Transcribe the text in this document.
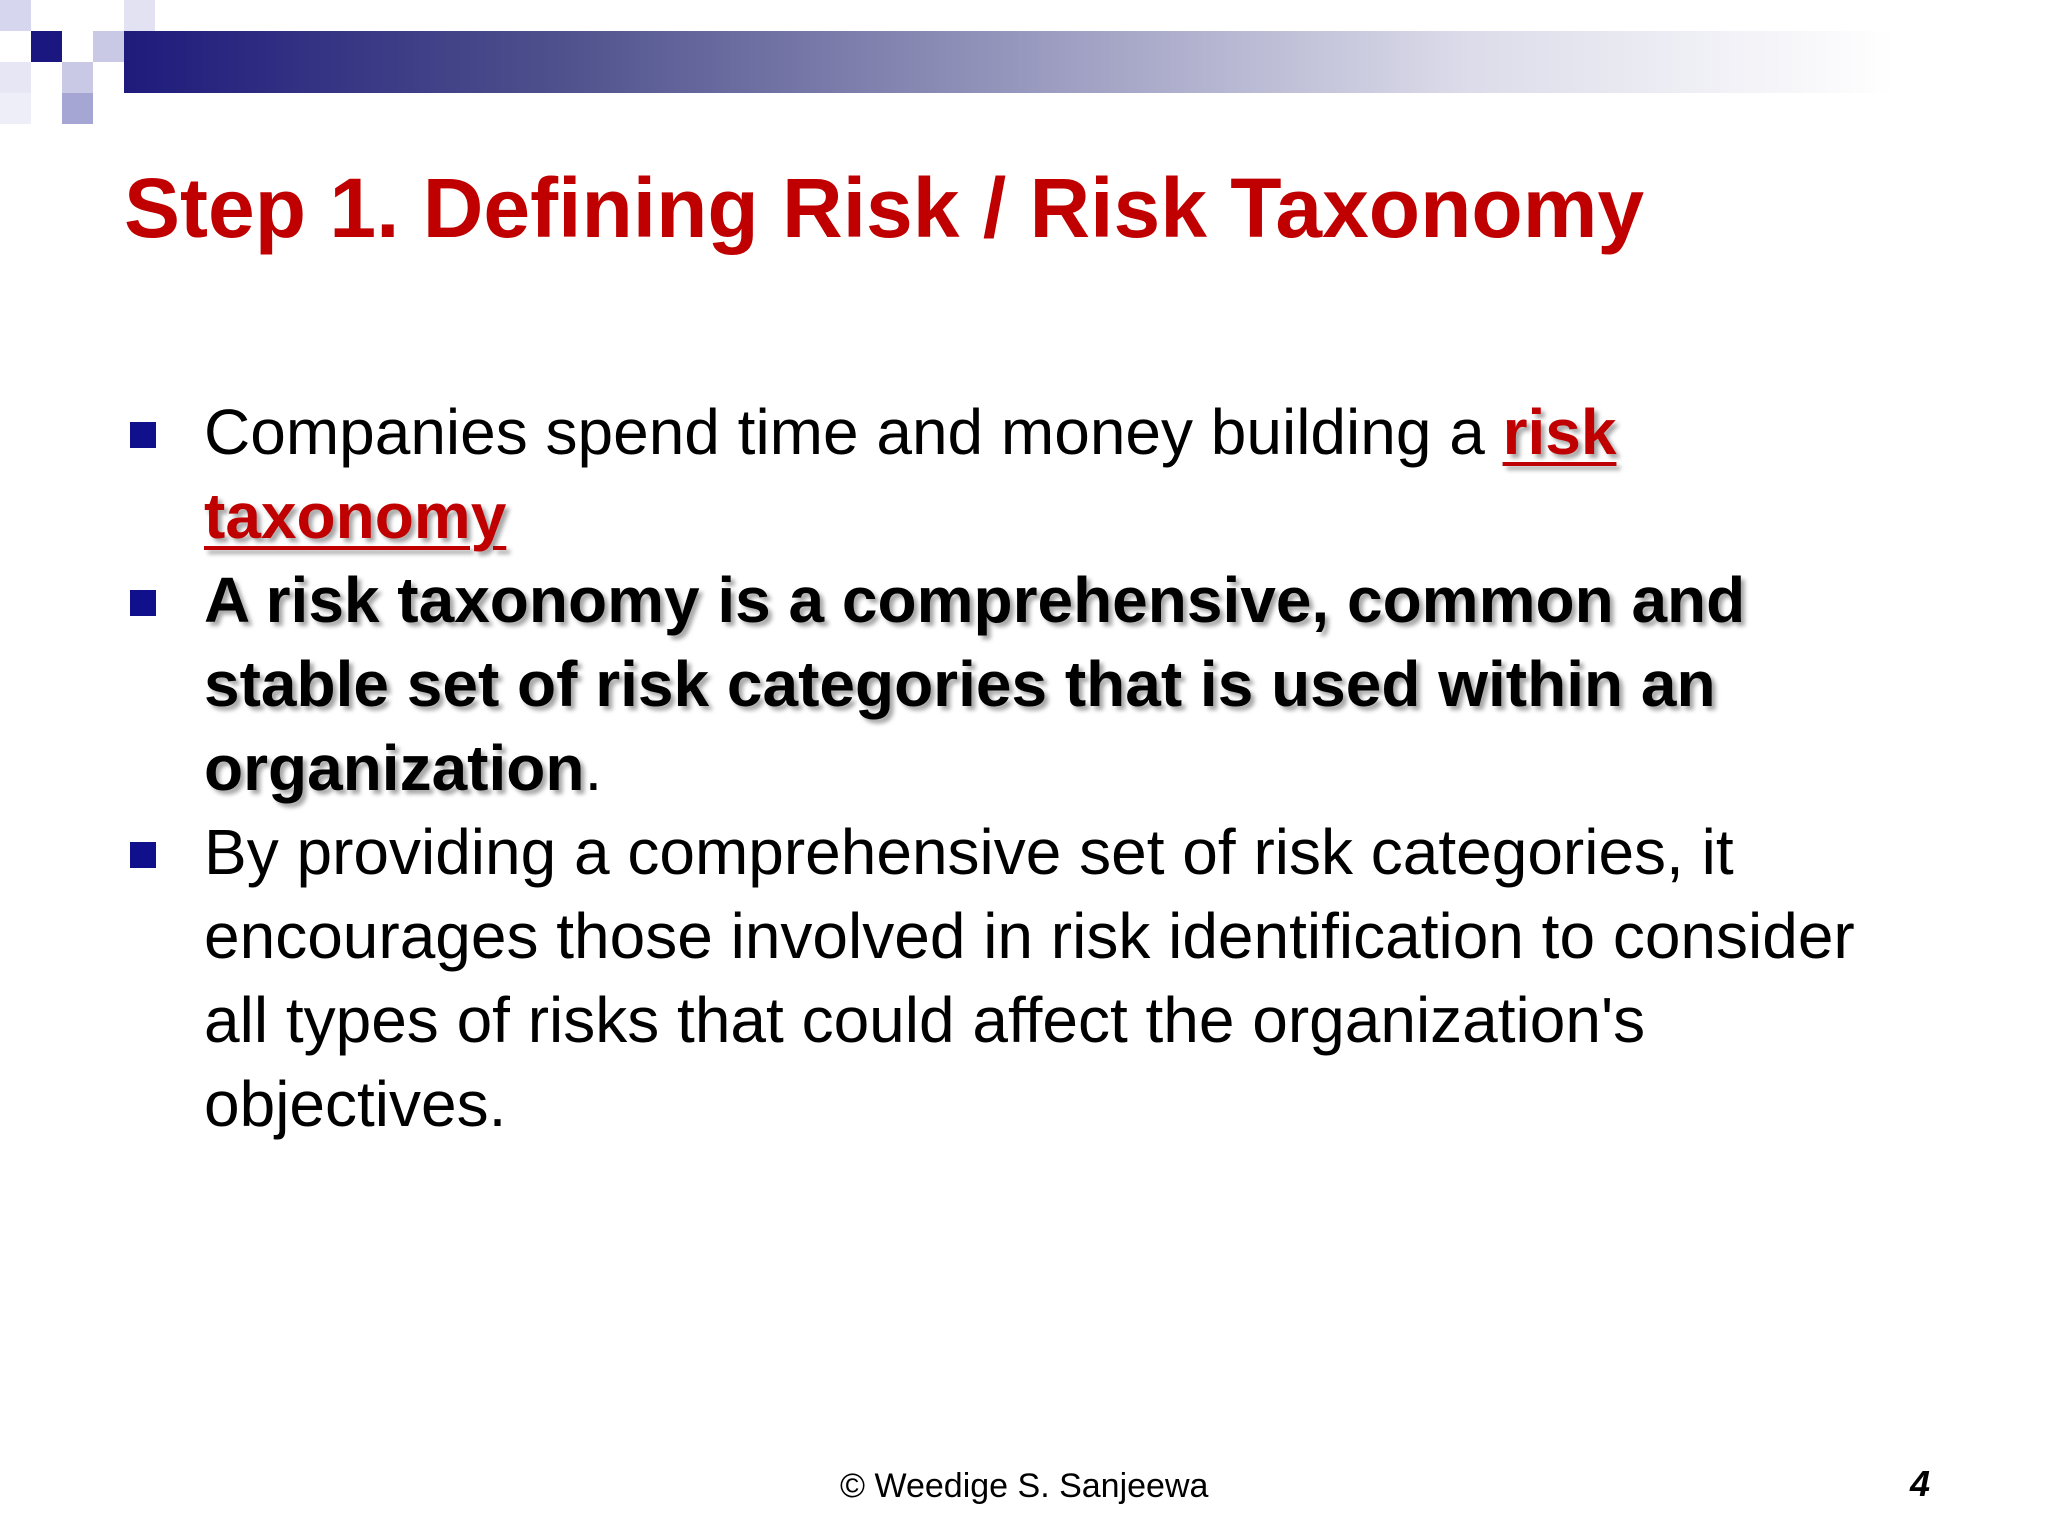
Step 1. Defining Risk / Risk Taxonomy
Companies spend time and money building a risk taxonomy
A risk taxonomy is a comprehensive, common and stable set of risk categories that is used within an organization.
By providing a comprehensive set of risk categories, it encourages those involved in risk identification to consider all types of risks that could affect the organization's objectives.
© Weedige S. Sanjeewa	4
